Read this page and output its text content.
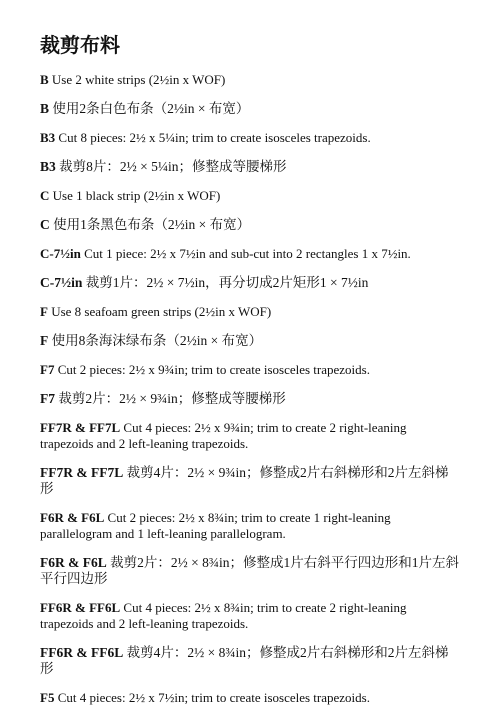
裁剪布料

B Use 2 white strips (2½in x WOF)

B 使用2条白色布条（2½in × 布宽）

B3 Cut 8 pieces: 2½ x 5¼in; trim to create isosceles trapezoids.

B3 裁剪8片：2½ × 5¼in；修整成等腰梯形

C Use 1 black strip (2½in x WOF)

C 使用1条黑色布条（2½in × 布宽）

C-7½in Cut 1 piece: 2½ x 7½in and sub-cut into 2 rectangles 1 x 7½in.

C-7½in 裁剪1片：2½ × 7½in，再分切成2片矩形1 × 7½in

F Use 8 seafoam green strips (2½in x WOF)

F 使用8条海沫绿布条（2½in × 布宽）

F7 Cut 2 pieces: 2½ x 9¾in; trim to create isosceles trapezoids.

F7 裁剪2片：2½ × 9¾in；修整成等腰梯形

FF7R & FF7L Cut 4 pieces: 2½ x 9¾in; trim to create 2 right-leaning trapezoids and 2 left-leaning trapezoids.

FF7R & FF7L 裁剪4片：2½ × 9¾in；修整成2片右斜梯形和2片左斜梯形

F6R & F6L Cut 2 pieces: 2½ x 8¾in; trim to create 1 right-leaning parallelogram and 1 left-leaning parallelogram.

F6R & F6L 裁剪2片：2½ × 8¾in；修整成1片右斜平行四边形和1片左斜平行四边形

FF6R & FF6L Cut 4 pieces: 2½ x 8¾in; trim to create 2 right-leaning trapezoids and 2 left-leaning trapezoids.

FF6R & FF6L 裁剪4片：2½ × 8¾in；修整成2片右斜梯形和2片左斜梯形

F5 Cut 4 pieces: 2½ x 7½in; trim to create isosceles trapezoids.
